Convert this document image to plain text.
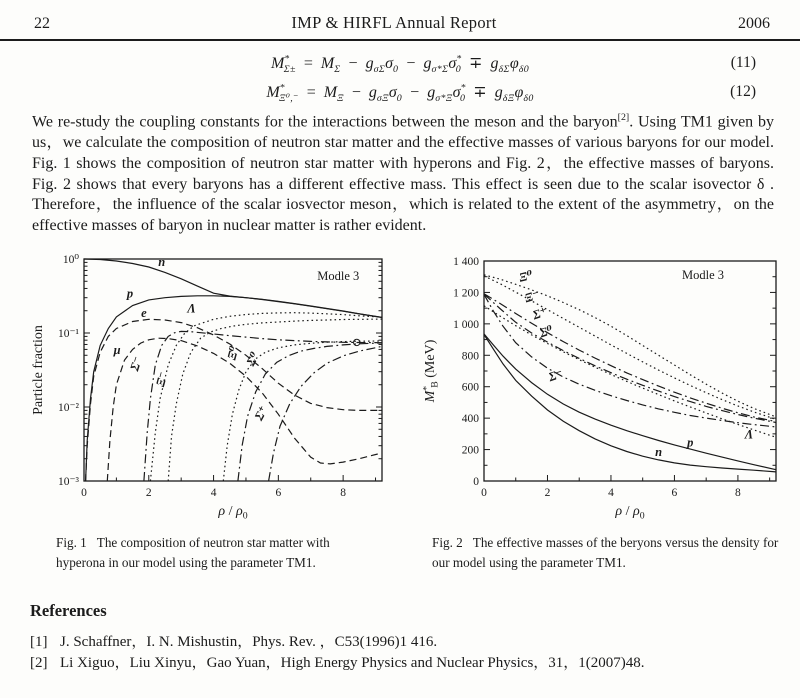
22	IMP & HIRFL Annual Report	2006
$M^*_{\Sigma\pm} = M_\Sigma - g_{\sigma\Sigma}\sigma_0 - g_{\sigma*\Sigma}\sigma^*_0 \mp g_{\delta\Sigma}\varphi_{\delta 0}$	(11)
$M^*_{\Xi^0,^-} = M_\Xi - g_{\sigma\Xi}\sigma_0 - g_{\sigma*\Xi}\sigma^*_0 \mp g_{\delta\Xi}\varphi_{\delta 0}$	(12)

We re-study the coupling constants for the interactions between the meson and the baryon[2]. Using TM1 given by us，we calculate the composition of neutron star matter and the effective masses of various baryons for our model. Fig. 1 shows the composition of neutron star matter with hyperons and Fig. 2，the effective masses of baryons. Fig. 2 shows that every baryons has a different effective mass. This effect is seen due to the scalar isovector δ . Therefore，the influence of the scalar iosvector meson，which is related to the extent of the asymmetry，on the effective masses of baryon in nuclear matter is rather evident.

0	2	4	6	8
10⁰
10⁻¹
10⁻²
10⁻³
n
p
e
μ
Λ
Σ⁻
Ξ⁻
Ξ⁰ Σ⁰
Σ⁺
Modle 3
ρ / $\rho_0$
Particle fraction
0	2	4	6	8
0
200
400
600
800
1 000
1 200
1 400
Ξ⁰
Ξ⁻
Σ⁺
Σ⁰
Σ⁻
Λ
p
n
Modle 3
ρ / $\rho_0$
M*B (MeV)

Fig. 1 The composition of neutron star matter with hyperona in our model using the parameter TM1.

Fig. 2 The effective masses of the beryons versus the density for our model using the parameter TM1.

References
[1] J. Schaffner，I. N. Mishustin，Phys. Rev. ，C53(1996)1 416.
[2] Li Xiguo，Liu Xinyu，Gao Yuan，High Energy Physics and Nuclear Physics，31，1(2007)48.
